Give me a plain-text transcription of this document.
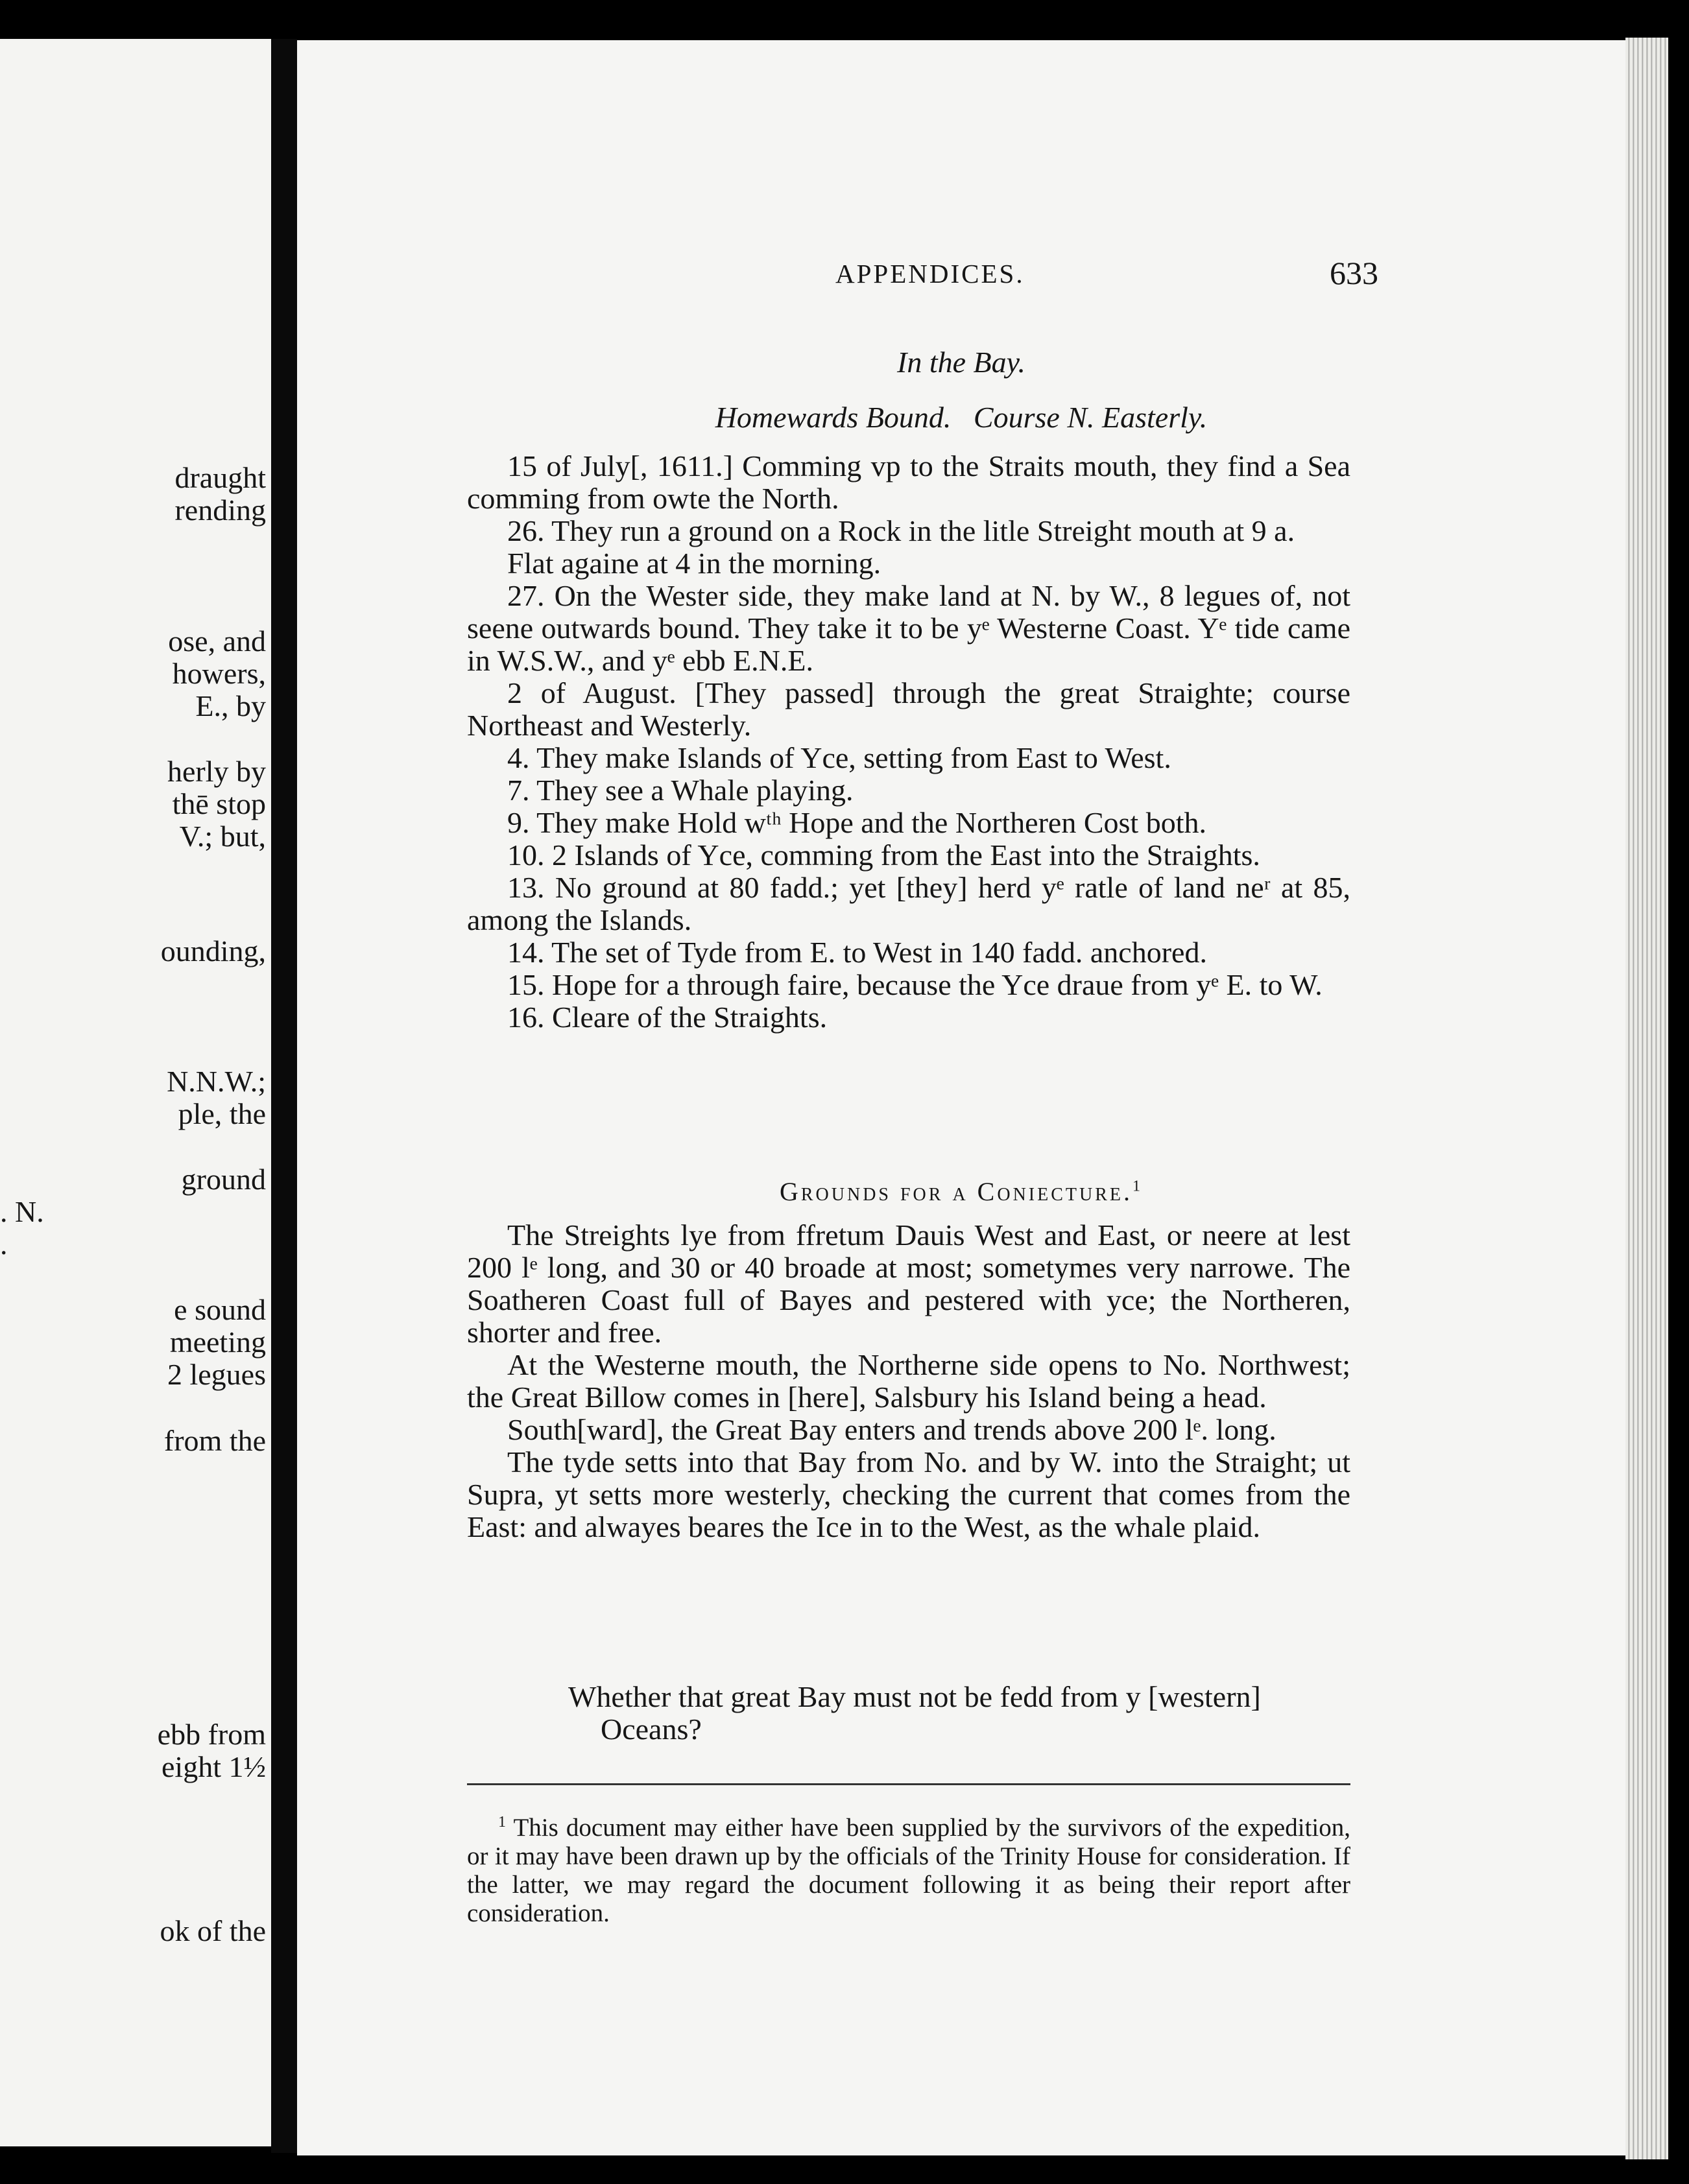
draught
rending
ose, and
howers,
E., by
herly by
thē stop
V.; but,
ounding,
N.N.W.;
ple, the
ground
. N.
.
e sound
meeting
2 legues
from the
ebb from
eight 1½
ok of the
APPENDICES.	633
In the Bay.
Homewards Bound.   Course N. Easterly.

15 of July[, 1611.] Comming vp to the Straits mouth, they find a Sea comming from owte the North.

26. They run a ground on a Rock in the litle Streight mouth at 9 a.

Flat againe at 4 in the morning.

27. On the Wester side, they make land at N. by W., 8 legues of, not seene outwards bound. They take it to be yᵉ Westerne Coast. Yᵉ tide came in W.S.W., and yᵉ ebb E.N.E.

2 of August. [They passed] through the great Straighte; course Northeast and Westerly.

4. They make Islands of Yce, setting from East to West.

7. They see a Whale playing.

9. They make Hold wᵗʰ Hope and the Northeren Cost both.

10. 2 Islands of Yce, comming from the East into the Straights.

13. No ground at 80 fadd.; yet [they] herd yᵉ ratle of land neʳ at 85, among the Islands.

14. The set of Tyde from E. to West in 140 fadd. anchored.

15. Hope for a through faire, because the Yce draue from yᵉ E. to W.

16. Cleare of the Straights.

Grounds for a Coniecture.$^1$

The Streights lye from ffretum Dauis West and East, or neere at lest 200 lᵉ long, and 30 or 40 broade at most; sometymes very narrowe. The Soatheren Coast full of Bayes and pestered with yce; the Northeren, shorter and free.

At the Westerne mouth, the Northerne side opens to No. Northwest; the Great Billow comes in [here], Salsbury his Island being a head.

South[ward], the Great Bay enters and trends above 200 lᵉ. long.

The tyde setts into that Bay from No. and by W. into the Straight; ut Supra, yt setts more westerly, checking the current that comes from the East: and alwayes beares the Ice in to the West, as the whale plaid.

Whether that great Bay must not be fedd from y [western]
Oceans?

$^1$ This document may either have been supplied by the survivors of the expedition, or it may have been drawn up by the officials of the Trinity House for consideration. If the latter, we may regard the document following it as being their report after consideration.
